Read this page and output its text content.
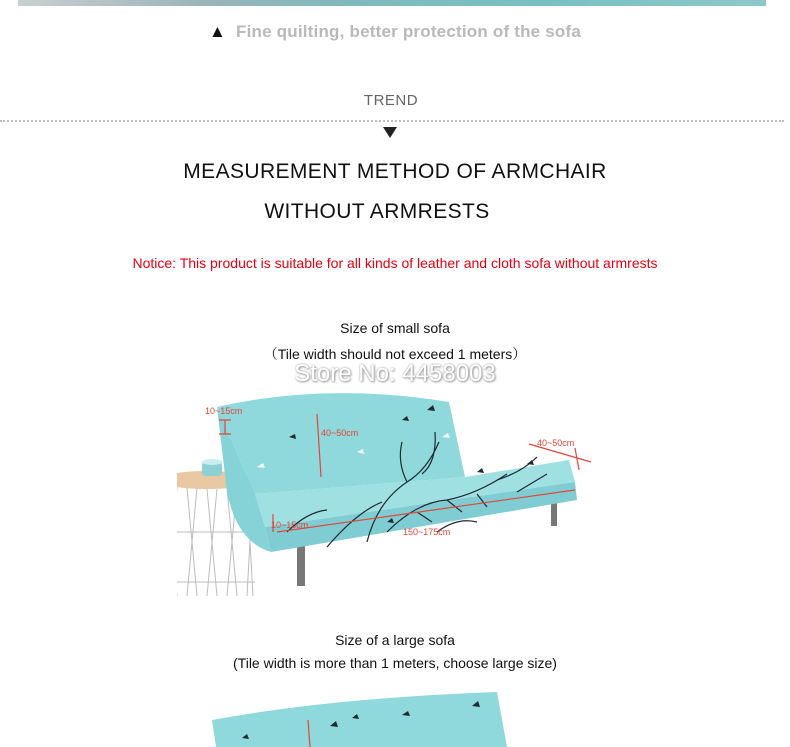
▲ Fine quilting, better protection of the sofa
TREND
MEASUREMENT METHOD OF ARMCHAIR
WITHOUT ARMRESTS
Notice: This product is suitable for all kinds of leather and cloth sofa without armrests
Size of small sofa
（Tile width should not exceed 1 meters）
10~15cm
40~50cm
40~50cm
10~15cm
150~175cm
Store No: 4458003
Size of a large sofa
(Tile width is more than 1 meters, choose large size)
